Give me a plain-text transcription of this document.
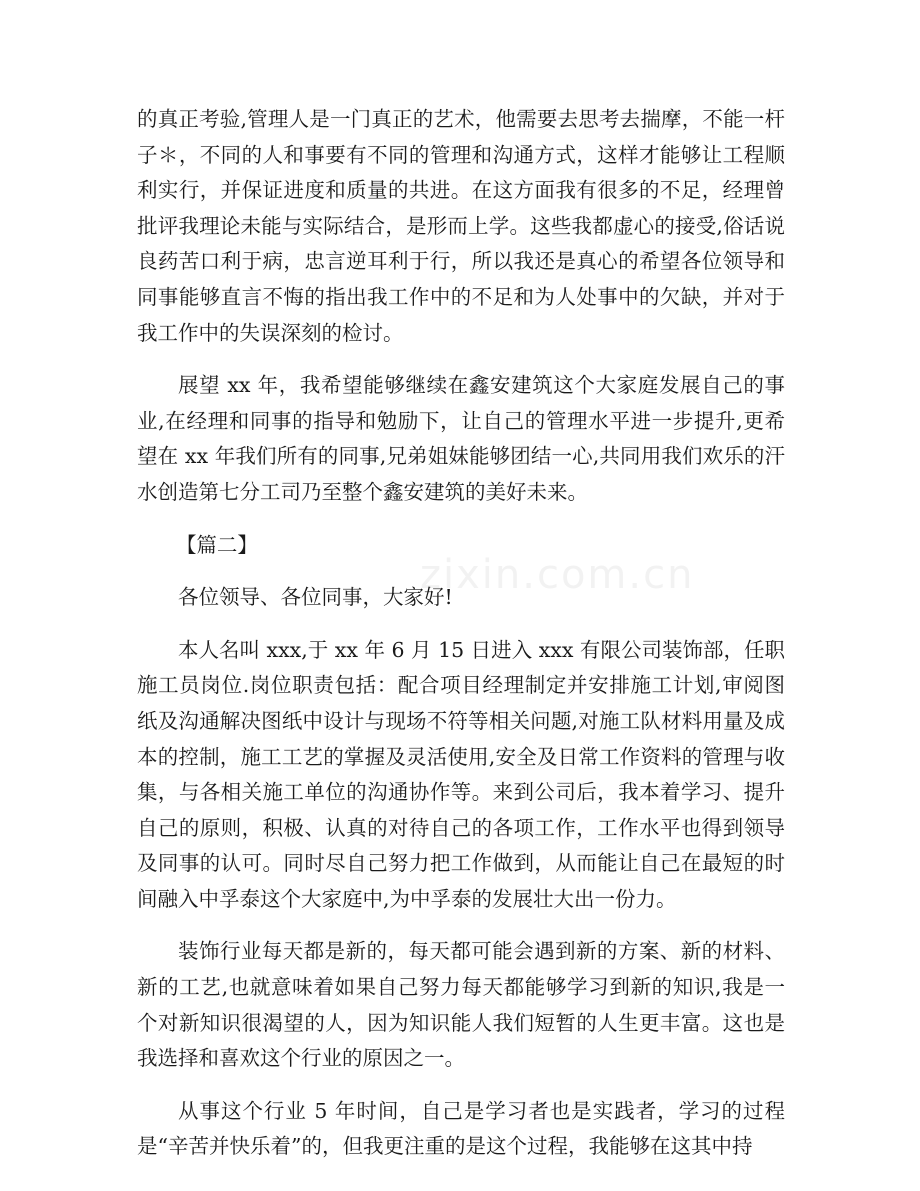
zixin.com.cn

的真正考验,管理人是一门真正的艺术，他需要去思考去揣摩，不能一杆子＊，不同的人和事要有不同的管理和沟通方式，这样才能够让工程顺利实行，并保证进度和质量的共进。在这方面我有很多的不足，经理曾批评我理论未能与实际结合，是形而上学。这些我都虚心的接受,俗话说良药苦口利于病，忠言逆耳利于行，所以我还是真心的希望各位领导和同事能够直言不悔的指出我工作中的不足和为人处事中的欠缺，并对于我工作中的失误深刻的检讨。

展望 xx 年，我希望能够继续在鑫安建筑这个大家庭发展自己的事业,在经理和同事的指导和勉励下，让自己的管理水平进一步提升,更希望在 xx 年我们所有的同事,兄弟姐妹能够团结一心,共同用我们欢乐的汗水创造第七分工司乃至整个鑫安建筑的美好未来。

【篇二】

各位领导、各位同事，大家好!

本人名叫 xxx,于 xx 年 6 月 15 日进入 xxx 有限公司装饰部，任职施工员岗位.岗位职责包括：配合项目经理制定并安排施工计划,审阅图纸及沟通解决图纸中设计与现场不符等相关问题,对施工队材料用量及成本的控制，施工工艺的掌握及灵活使用,安全及日常工作资料的管理与收集，与各相关施工单位的沟通协作等。来到公司后，我本着学习、提升自己的原则，积极、认真的对待自己的各项工作，工作水平也得到领导及同事的认可。同时尽自己努力把工作做到，从而能让自己在最短的时间融入中孚泰这个大家庭中,为中孚泰的发展壮大出一份力。

装饰行业每天都是新的，每天都可能会遇到新的方案、新的材料、新的工艺,也就意味着如果自己努力每天都能够学习到新的知识,我是一个对新知识很渴望的人，因为知识能人我们短暂的人生更丰富。这也是我选择和喜欢这个行业的原因之一。

从事这个行业 5 年时间，自己是学习者也是实践者，学习的过程是“辛苦并快乐着”的，但我更注重的是这个过程，我能够在这其中持
